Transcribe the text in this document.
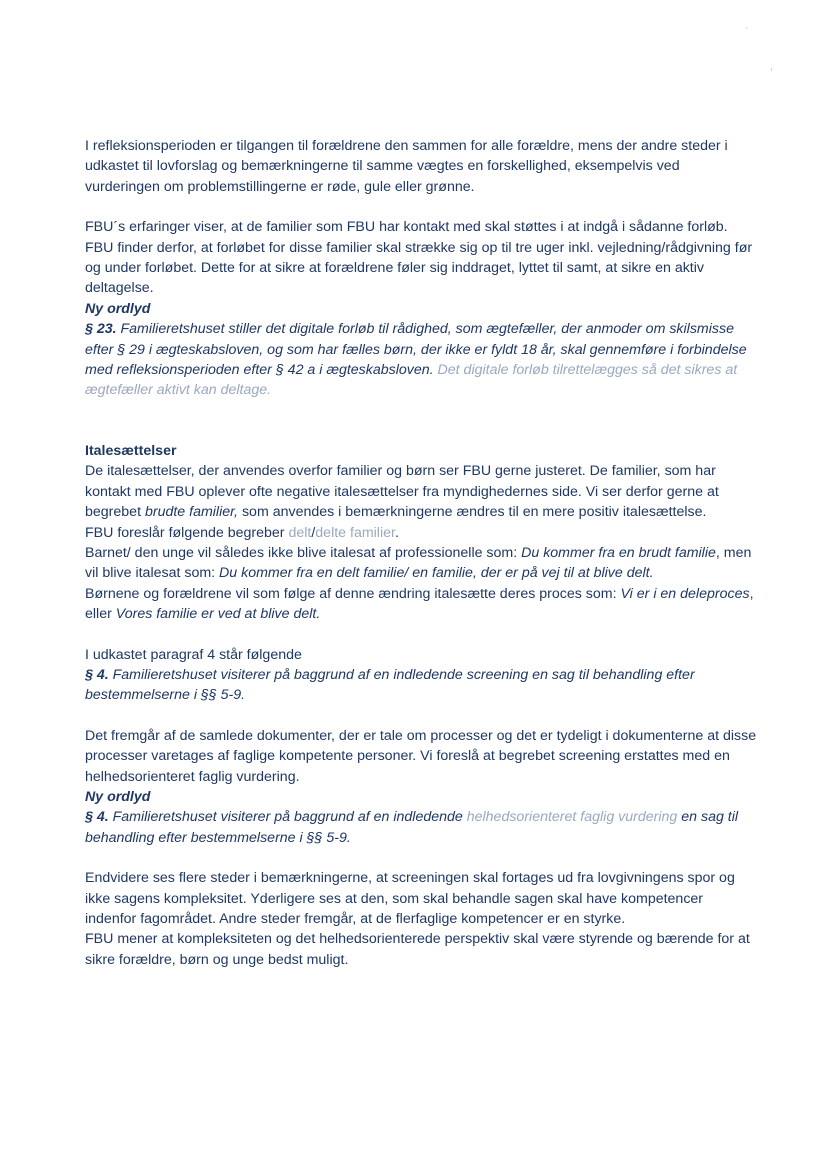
ʻ
ᶦ

I refleksionsperioden er tilgangen til forældrene den sammen for alle forældre, mens der andre steder i udkastet til lovforslag og bemærkningerne til samme vægtes en forskellighed, eksempelvis ved vurderingen om problemstillingerne er røde, gule eller grønne.

FBU´s erfaringer viser, at de familier som FBU har kontakt med skal støttes i at indgå i sådanne forløb. FBU finder derfor, at forløbet for disse familier skal strække sig op til tre uger inkl. vejledning/rådgivning før og under forløbet. Dette for at sikre at forældrene føler sig inddraget, lyttet til samt, at sikre en aktiv deltagelse.

Ny ordlyd

§ 23. Familieretshuset stiller det digitale forløb til rådighed, som ægtefæller, der anmoder om skilsmisse efter § 29 i ægteskabsloven, og som har fælles børn, der ikke er fyldt 18 år, skal gennemføre i forbindelse med refleksionsperioden efter § 42 a i ægteskabsloven. Det digitale forløb tilrettelægges så det sikres at ægtefæller aktivt kan deltage.

Italesættelser

De italesættelser, der anvendes overfor familier og børn ser FBU gerne justeret. De familier, som har kontakt med FBU oplever ofte negative italesættelser fra myndighedernes side. Vi ser derfor gerne at begrebet brudte familier, som anvendes i bemærkningerne ændres til en mere positiv italesættelse.

FBU foreslår følgende begreber delt/delte familier.

Barnet/ den unge vil således ikke blive italesat af professionelle som: Du kommer fra en brudt familie, men vil blive italesat som: Du kommer fra en delt familie/ en familie, der er på vej til at blive delt.

Børnene og forældrene vil som følge af denne ændring italesætte deres proces som: Vi er i en deleproces, eller Vores familie er ved at blive delt.

I udkastet paragraf 4 står følgende

§ 4. Familieretshuset visiterer på baggrund af en indledende screening en sag til behandling efter bestemmelserne i §§ 5-9.

Det fremgår af de samlede dokumenter, der er tale om processer og det er tydeligt i dokumenterne at disse processer varetages af faglige kompetente personer. Vi foreslå at begrebet screening erstattes med en helhedsorienteret faglig vurdering.

Ny ordlyd

§ 4. Familieretshuset visiterer på baggrund af en indledende helhedsorienteret faglig vurdering en sag til behandling efter bestemmelserne i §§ 5-9.

Endvidere ses flere steder i bemærkningerne, at screeningen skal fortages ud fra lovgivningens spor og ikke sagens kompleksitet. Yderligere ses at den, som skal behandle sagen skal have kompetencer indenfor fagområdet. Andre steder fremgår, at de flerfaglige kompetencer er en styrke.

FBU mener at kompleksiteten og det helhedsorienterede perspektiv skal være styrende og bærende for at sikre forældre, børn og unge bedst muligt.
